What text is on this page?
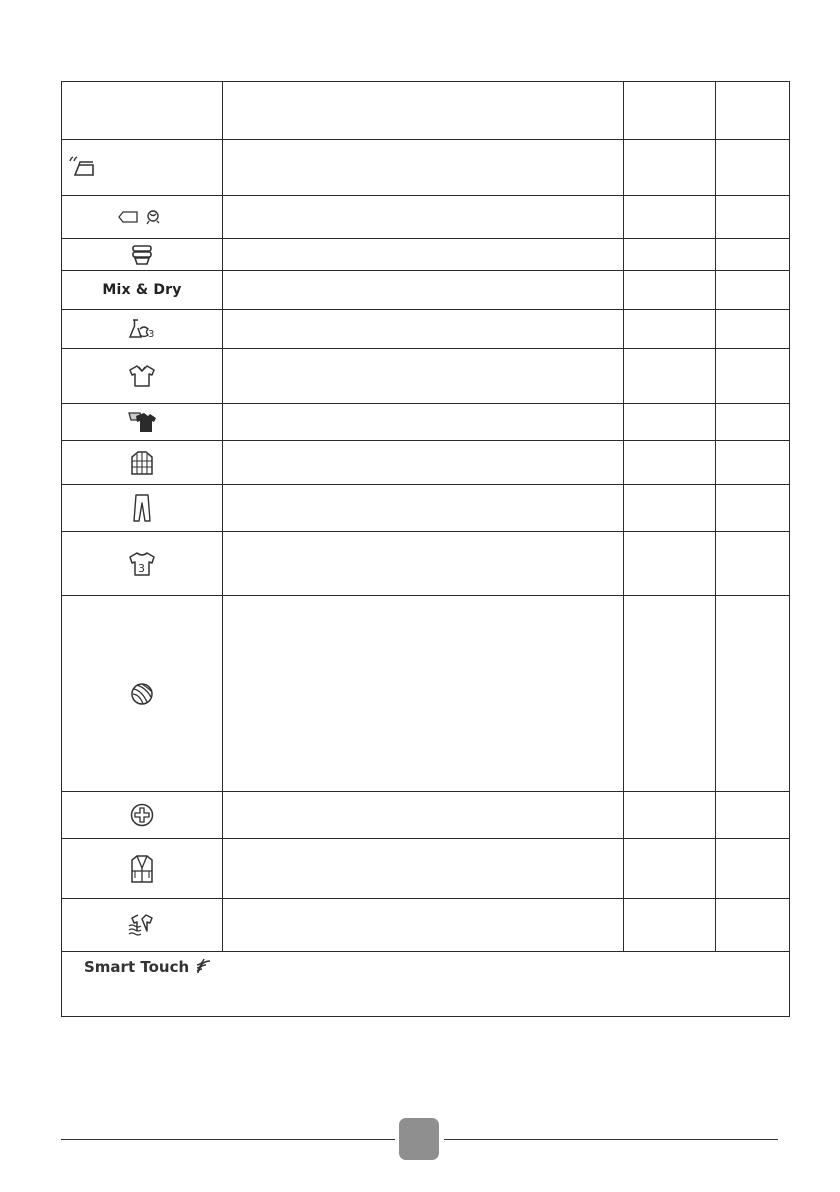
Mix & Dry			

3			

3			

Smart Touch			
